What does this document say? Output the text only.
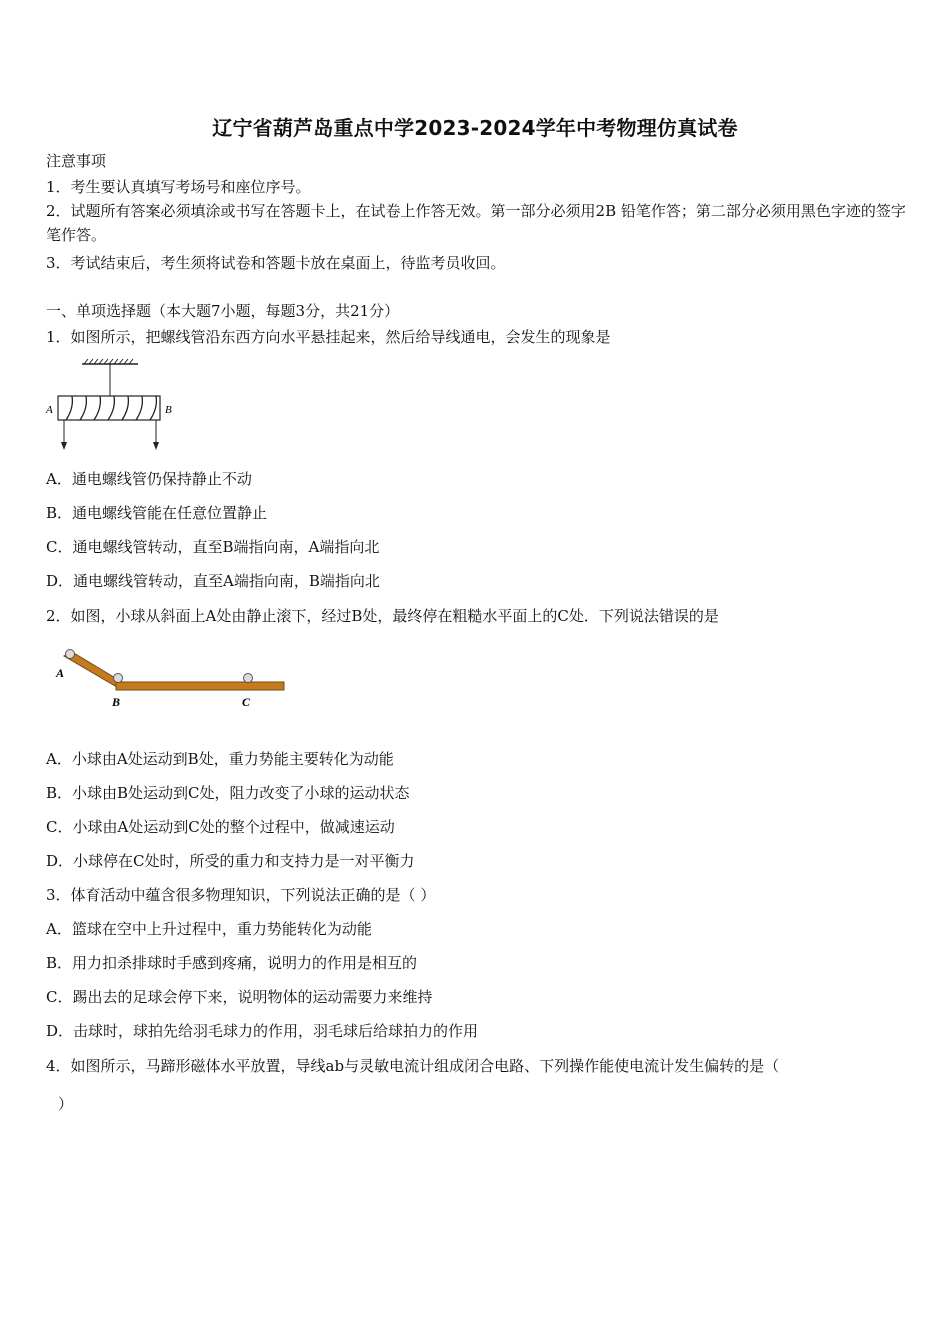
辽宁省葫芦岛重点中学2023-2024学年中考物理仿真试卷
注意事项
1．考生要认真填写考场号和座位序号。
2．试题所有答案必须填涂或书写在答题卡上，在试卷上作答无效。第一部分必须用2B 铅笔作答；第二部分必须用黑色字迹的签字笔作答。
3．考试结束后，考生须将试卷和答题卡放在桌面上，待监考员收回。
一、单项选择题（本大题7小题，每题3分，共21分）
1．如图所示，把螺线管沿东西方向水平悬挂起来，然后给导线通电，会发生的现象是
A	B
A．通电螺线管仍保持静止不动
B．通电螺线管能在任意位置静止
C．通电螺线管转动，直至B端指向南，A端指向北
D．通电螺线管转动，直至A端指向南，B端指向北
2．如图，小球从斜面上A处由静止滚下，经过B处，最终停在粗糙水平面上的C处．下列说法错误的是
A
B	C
A．小球由A处运动到B处，重力势能主要转化为动能
B．小球由B处运动到C处，阻力改变了小球的运动状态
C．小球由A处运动到C处的整个过程中，做减速运动
D．小球停在C处时，所受的重力和支持力是一对平衡力
3．体育活动中蕴含很多物理知识，下列说法正确的是（ ）
A．篮球在空中上升过程中，重力势能转化为动能
B．用力扣杀排球时手感到疼痛，说明力的作用是相互的
C．踢出去的足球会停下来，说明物体的运动需要力来维持
D．击球时，球拍先给羽毛球力的作用，羽毛球后给球拍力的作用
4．如图所示，马蹄形磁体水平放置，导线ab与灵敏电流计组成闭合电路、下列操作能使电流计发生偏转的是（
）
